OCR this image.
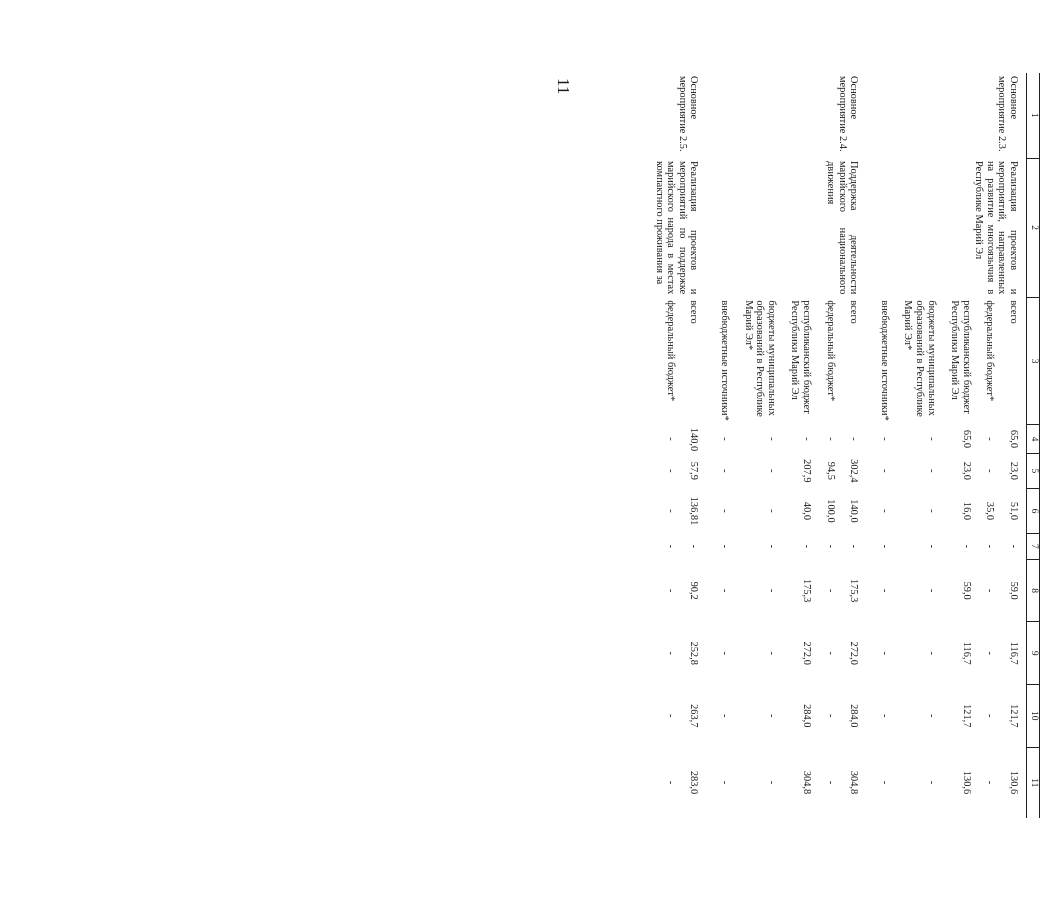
11
1	2	3	4	5	6	7	8	9	10	11
Основное мероприятие 2.3.	Реализация проектов и мероприятий, направленных на развитие многоязычия в Республике Марий Эл	всего	65,0	23,0	51,0	-	59,0	116,7	121,7	130,6
		федеральный бюджет*	-	-	35,0	-	-	-	-	-
		республиканский бюджет Республики Марий Эл	65,0	23,0	16,0	-	59,0	116,7	121,7	130,6
		бюджеты муниципальных образований в Республике Марий Эл*	-	-	-	-	-	-	-	-
		внебюджетные источники*	-	-	-	-	-	-	-	-
Основное мероприятие 2.4.	Поддержка деятельности марийского национального движения	всего	-	302,4	140,0	-	175,3	272,0	284,0	304,8
		федеральный бюджет*	-	94,5	100,0	-	-	-	-	-
		республиканский бюджет Республики Марий Эл	-	207,9	40,0	-	175,3	272,0	284,0	304,8
		бюджеты муниципальных образований в Республике Марий Эл*	-	-	-	-	-	-	-	-
		внебюджетные источники*	-	-	-	-	-	-	-	-
Основное мероприятие 2.5.	Реализация проектов и мероприятий по поддержке марийского народа в местах компактного проживания за	всего	140,0	57,9	136,81	-	90,2	252,8	263,7	283,0
		федеральный бюджет*	-	-	-	-	-	-	-	-
